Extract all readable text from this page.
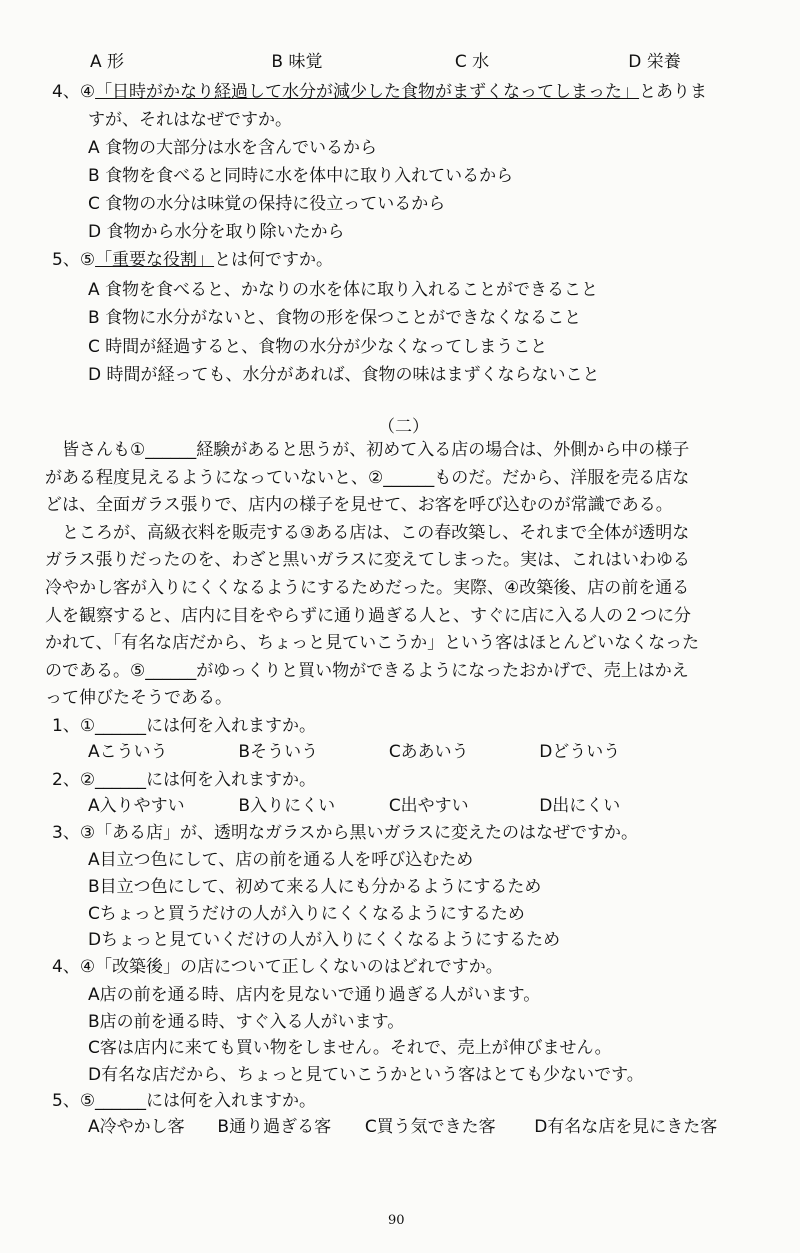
A 形	B 味覚	C 水	D 栄養
4、④「日時がかなり経過して水分が減少した食物がまずくなってしまった」とありま
すが、それはなぜですか。
A 食物の大部分は水を含んでいるから
B 食物を食べると同時に水を体中に取り入れているから
C 食物の水分は味覚の保持に役立っているから
D 食物から水分を取り除いたから
5、⑤「重要な役割」とは何ですか。
A 食物を食べると、かなりの水を体に取り入れることができること
B 食物に水分がないと、食物の形を保つことができなくなること
C 時間が経過すると、食物の水分が少なくなってしまうこと
D 時間が経っても、水分があれば、食物の味はまずくならないこと
（二）
皆さんも①______経験があると思うが、初めて入る店の場合は、外側から中の様子
がある程度見えるようになっていないと、②______ものだ。だから、洋服を売る店な
どは、全面ガラス張りで、店内の様子を見せて、お客を呼び込むのが常識である。
ところが、高級衣料を販売する③ある店は、この春改築し、それまで全体が透明な
ガラス張りだったのを、わざと黒いガラスに変えてしまった。実は、これはいわゆる
冷やかし客が入りにくくなるようにするためだった。実際、④改築後、店の前を通る
人を観察すると、店内に目をやらずに通り過ぎる人と、すぐに店に入る人の２つに分
かれて、「有名な店だから、ちょっと見ていこうか」という客はほとんどいなくなった
のである。⑤______がゆっくりと買い物ができるようになったおかげで、売上はかえ
って伸びたそうである。
1、①______には何を入れますか。
Aこういう	Bそういう	Cああいう	Dどういう
2、②______には何を入れますか。
A入りやすい	B入りにくい	C出やすい	D出にくい
3、③「ある店」が、透明なガラスから黒いガラスに変えたのはなぜですか。
A目立つ色にして、店の前を通る人を呼び込むため
B目立つ色にして、初めて来る人にも分かるようにするため
Cちょっと買うだけの人が入りにくくなるようにするため
Dちょっと見ていくだけの人が入りにくくなるようにするため
4、④「改築後」の店について正しくないのはどれですか。
A店の前を通る時、店内を見ないで通り過ぎる人がいます。
B店の前を通る時、すぐ入る人がいます。
C客は店内に来ても買い物をしません。それで、売上が伸びません。
D有名な店だから、ちょっと見ていこうかという客はとても少ないです。
5、⑤______には何を入れますか。
A冷やかし客 B通り過ぎる客 C買う気できた客 D有名な店を見にきた客
90
